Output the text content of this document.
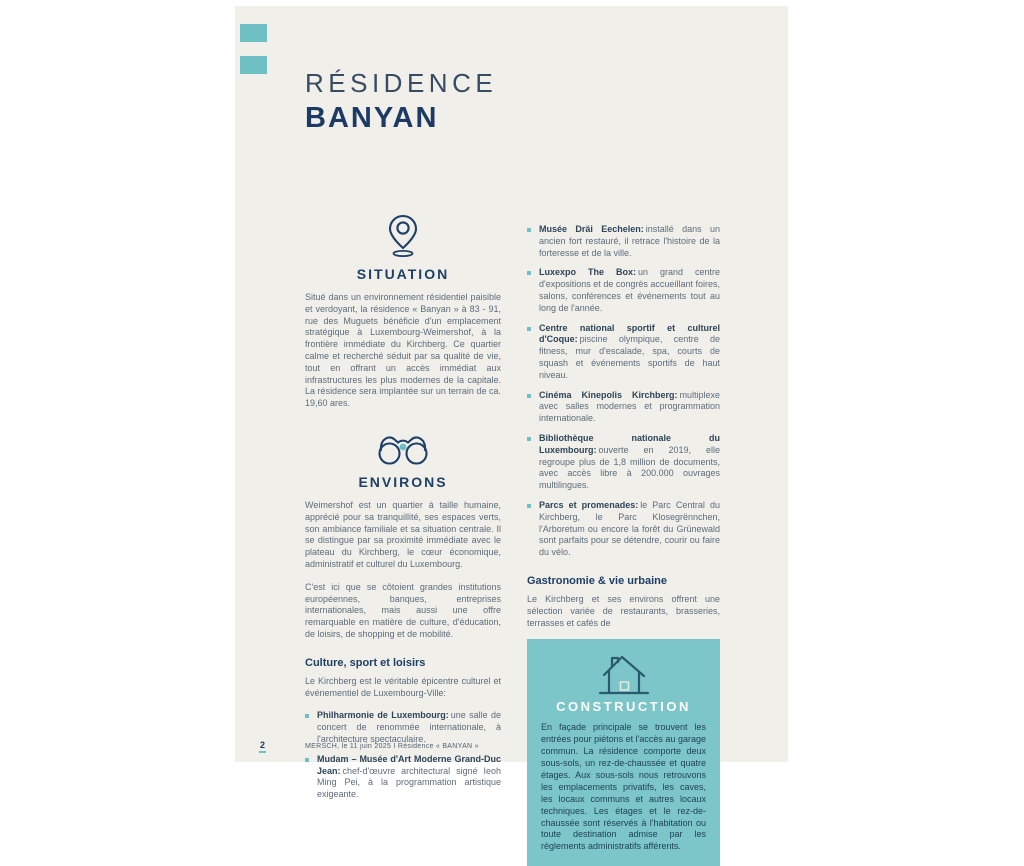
RÉSIDENCE
BANYAN
SITUATION

Situé dans un environnement résidentiel paisible et verdoyant, la résidence « Banyan » à 83 - 91, rue des Muguets bénéficie d'un emplacement stratégique à Luxembourg-Weimershof, à la frontière immédiate du Kirchberg. Ce quartier calme et recherché séduit par sa qualité de vie, tout en offrant un accès immédiat aux infrastructures les plus modernes de la capitale. La résidence sera implantée sur un terrain de ca. 19,60 ares.

ENVIRONS

Weimershof est un quartier à taille humaine, apprécié pour sa tranquillité, ses espaces verts, son ambiance familiale et sa situation centrale. Il se distingue par sa proximité immédiate avec le plateau du Kirchberg, le cœur économique, administratif et culturel du Luxembourg.

C'est ici que se côtoient grandes institutions européennes, banques, entreprises internationales, mais aussi une offre remarquable en matière de culture, d'éducation, de loisirs, de shopping et de mobilité.

Culture, sport et loisirs

Le Kirchberg est le véritable épicentre culturel et événementiel de Luxembourg-Ville:

Philharmonie de Luxembourg: une salle de concert de renommée internationale, à l'architecture spectaculaire.
Mudam – Musée d'Art Moderne Grand-Duc Jean: chef-d'œuvre architectural signé Ieoh Ming Pei, à la programmation artistique exigeante.
Musée Dräi Eechelen: installé dans un ancien fort restauré, il retrace l'histoire de la forteresse et de la ville.
Luxexpo The Box: un grand centre d'expositions et de congrès accueillant foires, salons, conférences et événements tout au long de l'année.
Centre national sportif et culturel d'Coque: piscine olympique, centre de fitness, mur d'escalade, spa, courts de squash et événements sportifs de haut niveau.
Cinéma Kinepolis Kirchberg: multiplexe avec salles modernes et programmation internationale.
Bibliothèque nationale du Luxembourg: ouverte en 2019, elle regroupe plus de 1,8 million de documents, avec accès libre à 200.000 ouvrages multilingues.
Parcs et promenades: le Parc Central du Kirchberg, le Parc Klosegrënnchen, l'Arboretum ou encore la forêt du Grünewald sont parfaits pour se détendre, courir ou faire du vélo.
Gastronomie & vie urbaine

Le Kirchberg et ses environs offrent une sélection variée de restaurants, brasseries, terrasses et cafés de

CONSTRUCTION

En façade principale se trouvent les entrées pour piétons et l'accès au garage commun. La résidence comporte deux sous-sols, un rez-de-chaussée et quatre étages. Aux sous-sols nous retrouvons les emplacements privatifs, les caves, les locaux communs et autres locaux techniques. Les étages et le rez-de-chaussée sont réservés à l'habitation ou toute destination admise par les règlements administratifs afférents.

2	MERSCH, le 11 juin 2025 I Résidence « BANYAN »
